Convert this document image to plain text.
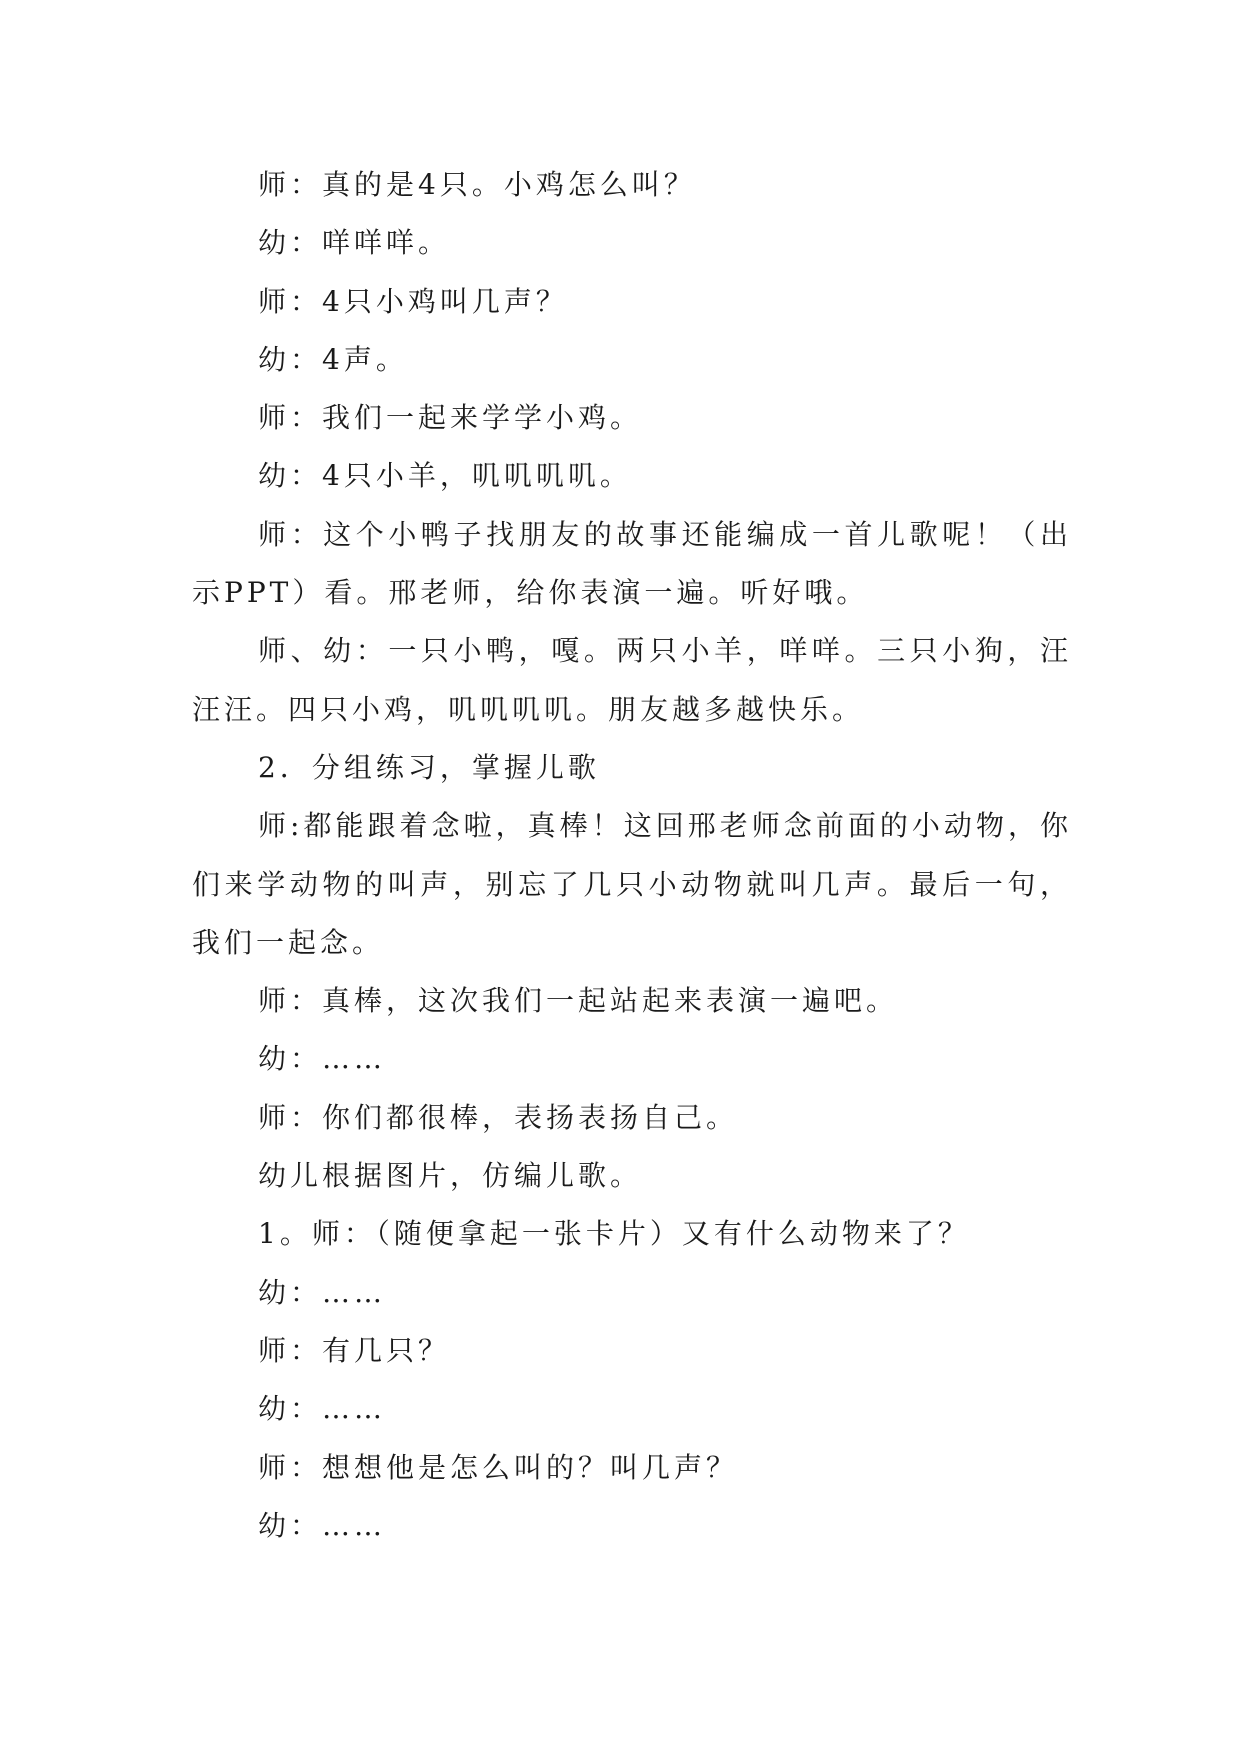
师：真的是4只。小鸡怎么叫？

幼：咩咩咩。

师：4只小鸡叫几声？

幼：4声。

师：我们一起来学学小鸡。

幼：4只小羊，叽叽叽叽。

师：这个小鸭子找朋友的故事还能编成一首儿歌呢！（出示PPT）看。邢老师，给你表演一遍。听好哦。

师、幼：一只小鸭，嘎。两只小羊，咩咩。三只小狗，汪汪汪。四只小鸡，叽叽叽叽。朋友越多越快乐。

2．分组练习，掌握儿歌

师:都能跟着念啦，真棒！这回邢老师念前面的小动物，你们来学动物的叫声，别忘了几只小动物就叫几声。最后一句，我们一起念。

师：真棒，这次我们一起站起来表演一遍吧。

幼：……

师：你们都很棒，表扬表扬自己。

幼儿根据图片，仿编儿歌。

1。师：（随便拿起一张卡片）又有什么动物来了？

幼：……

师：有几只？

幼：……

师：想想他是怎么叫的？叫几声？

幼：……
